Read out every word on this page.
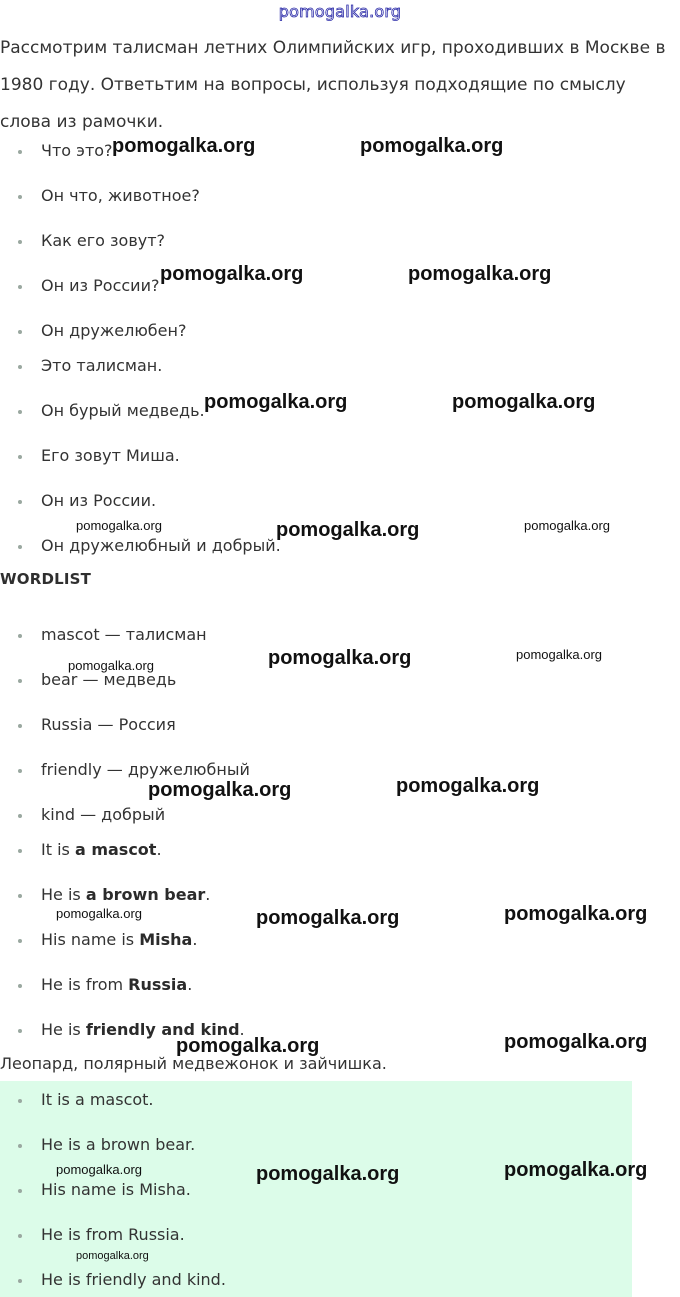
pomogalka.org
Рассмотрим талисман летних Олимпийских игр, проходивших в Москве в 1980 году. Ответьтим на вопросы, используя подходящие по смыслу слова из рамочки.
Что это?
Он что, животное?
Как его зовут?
Он из России?
Он дружелюбен?
Это талисман.
Он бурый медведь.
Его зовут Миша.
Он из России.
Он дружелюбный и добрый.
WORDLIST
mascot — талисман
bear — медведь
Russia — Россия
friendly — дружелюбный
kind — добрый
It is a mascot.
He is a brown bear.
His name is Misha.
He is from Russia.
He is friendly and kind.
Леопард, полярный медвежонок и зайчишка.
It is a mascot.
He is a brown bear.
His name is Misha.
He is from Russia.
He is friendly and kind.
pomogalka.org	pomogalka.org
pomogalka.org	pomogalka.org
pomogalka.org	pomogalka.org
pomogalka.org	pomogalka.org	pomogalka.org
pomogalka.org	pomogalka.org	pomogalka.org
pomogalka.org	pomogalka.org
pomogalka.org	pomogalka.org	pomogalka.org
pomogalka.org	pomogalka.org
pomogalka.org	pomogalka.org	pomogalka.org
pomogalka.org
